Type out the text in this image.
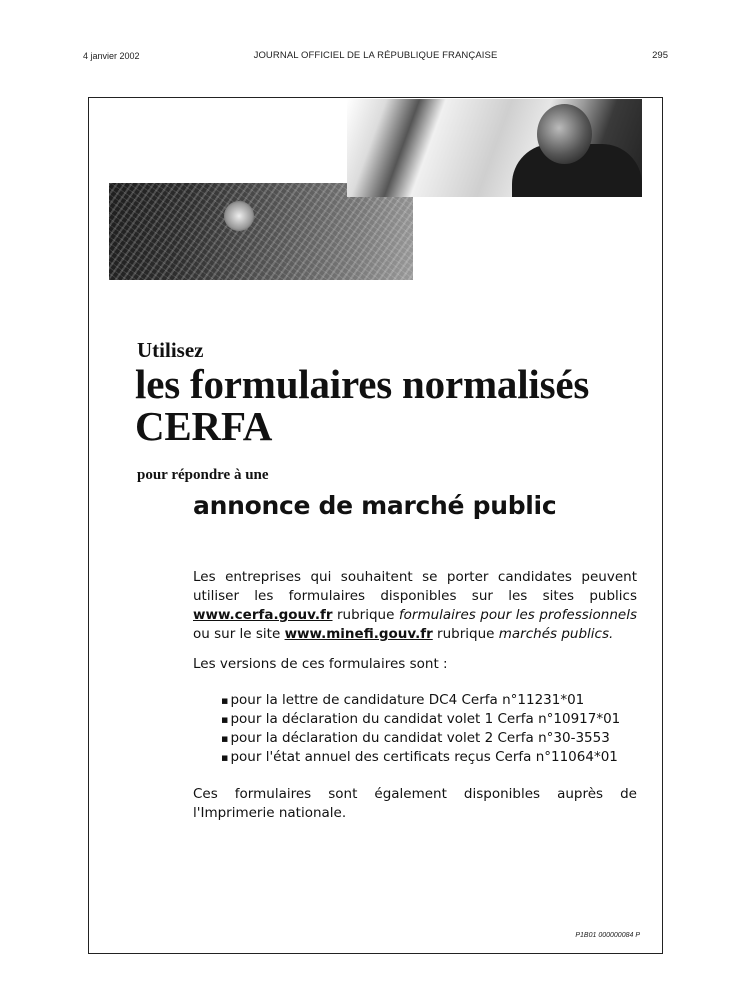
4 janvier 2002	JOURNAL OFFICIEL DE LA RÉPUBLIQUE FRANÇAISE	295
Utilisez
les formulaires normalisés
CERFA
pour répondre à une
annonce de marché public
Les entreprises qui souhaitent se porter candidates peuvent utiliser les formulaires disponibles sur les sites publics www.cerfa.gouv.fr rubrique formulaires pour les professionnels ou sur le site www.minefi.gouv.fr rubrique marchés publics.
Les versions de ces formulaires sont :
▪ pour la lettre de candidature DC4 Cerfa n°11231*01
▪ pour la déclaration du candidat volet 1 Cerfa n°10917*01
▪ pour la déclaration du candidat volet 2 Cerfa n°30-3553
▪ pour l'état annuel des certificats reçus Cerfa n°11064*01
Ces formulaires sont également disponibles auprès de l'Imprimerie nationale.
P1B01 000000084 P
